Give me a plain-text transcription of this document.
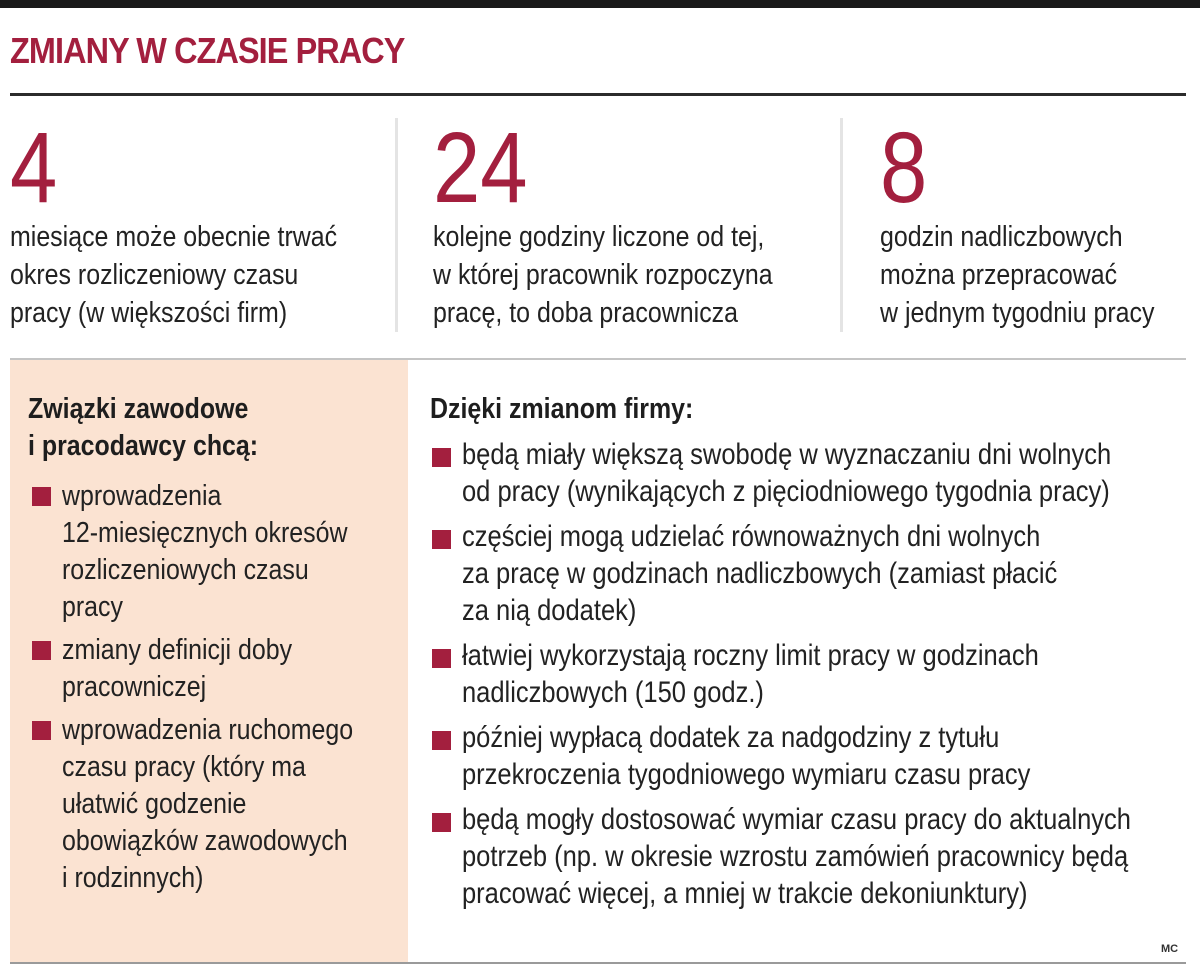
ZMIANY W CZASIE PRACY
4
miesiące może obecnie trwać
okres rozliczeniowy czasu
pracy (w większości firm)
24
kolejne godziny liczone od tej,
w której pracownik rozpoczyna
pracę, to doba pracownicza
8
godzin nadliczbowych
można przepracować
w jednym tygodniu pracy
Związki zawodowe
i pracodawcy chcą:
wprowadzenia
12-miesięcznych okresów
rozliczeniowych czasu
pracy
zmiany definicji doby
pracowniczej
wprowadzenia ruchomego
czasu pracy (który ma
ułatwić godzenie
obowiązków zawodowych
i rodzinnych)
Dzięki zmianom firmy:
będą miały większą swobodę w wyznaczaniu dni wolnych
od pracy (wynikających z pięciodniowego tygodnia pracy)
częściej mogą udzielać równoważnych dni wolnych
za pracę w godzinach nadliczbowych (zamiast płacić
za nią dodatek)
łatwiej wykorzystają roczny limit pracy w godzinach
nadliczbowych (150 godz.)
później wypłacą dodatek za nadgodziny z tytułu
przekroczenia tygodniowego wymiaru czasu pracy
będą mogły dostosować wymiar czasu pracy do aktualnych
potrzeb (np. w okresie wzrostu zamówień pracownicy będą
pracować więcej, a mniej w trakcie dekoniunktury)
MC
